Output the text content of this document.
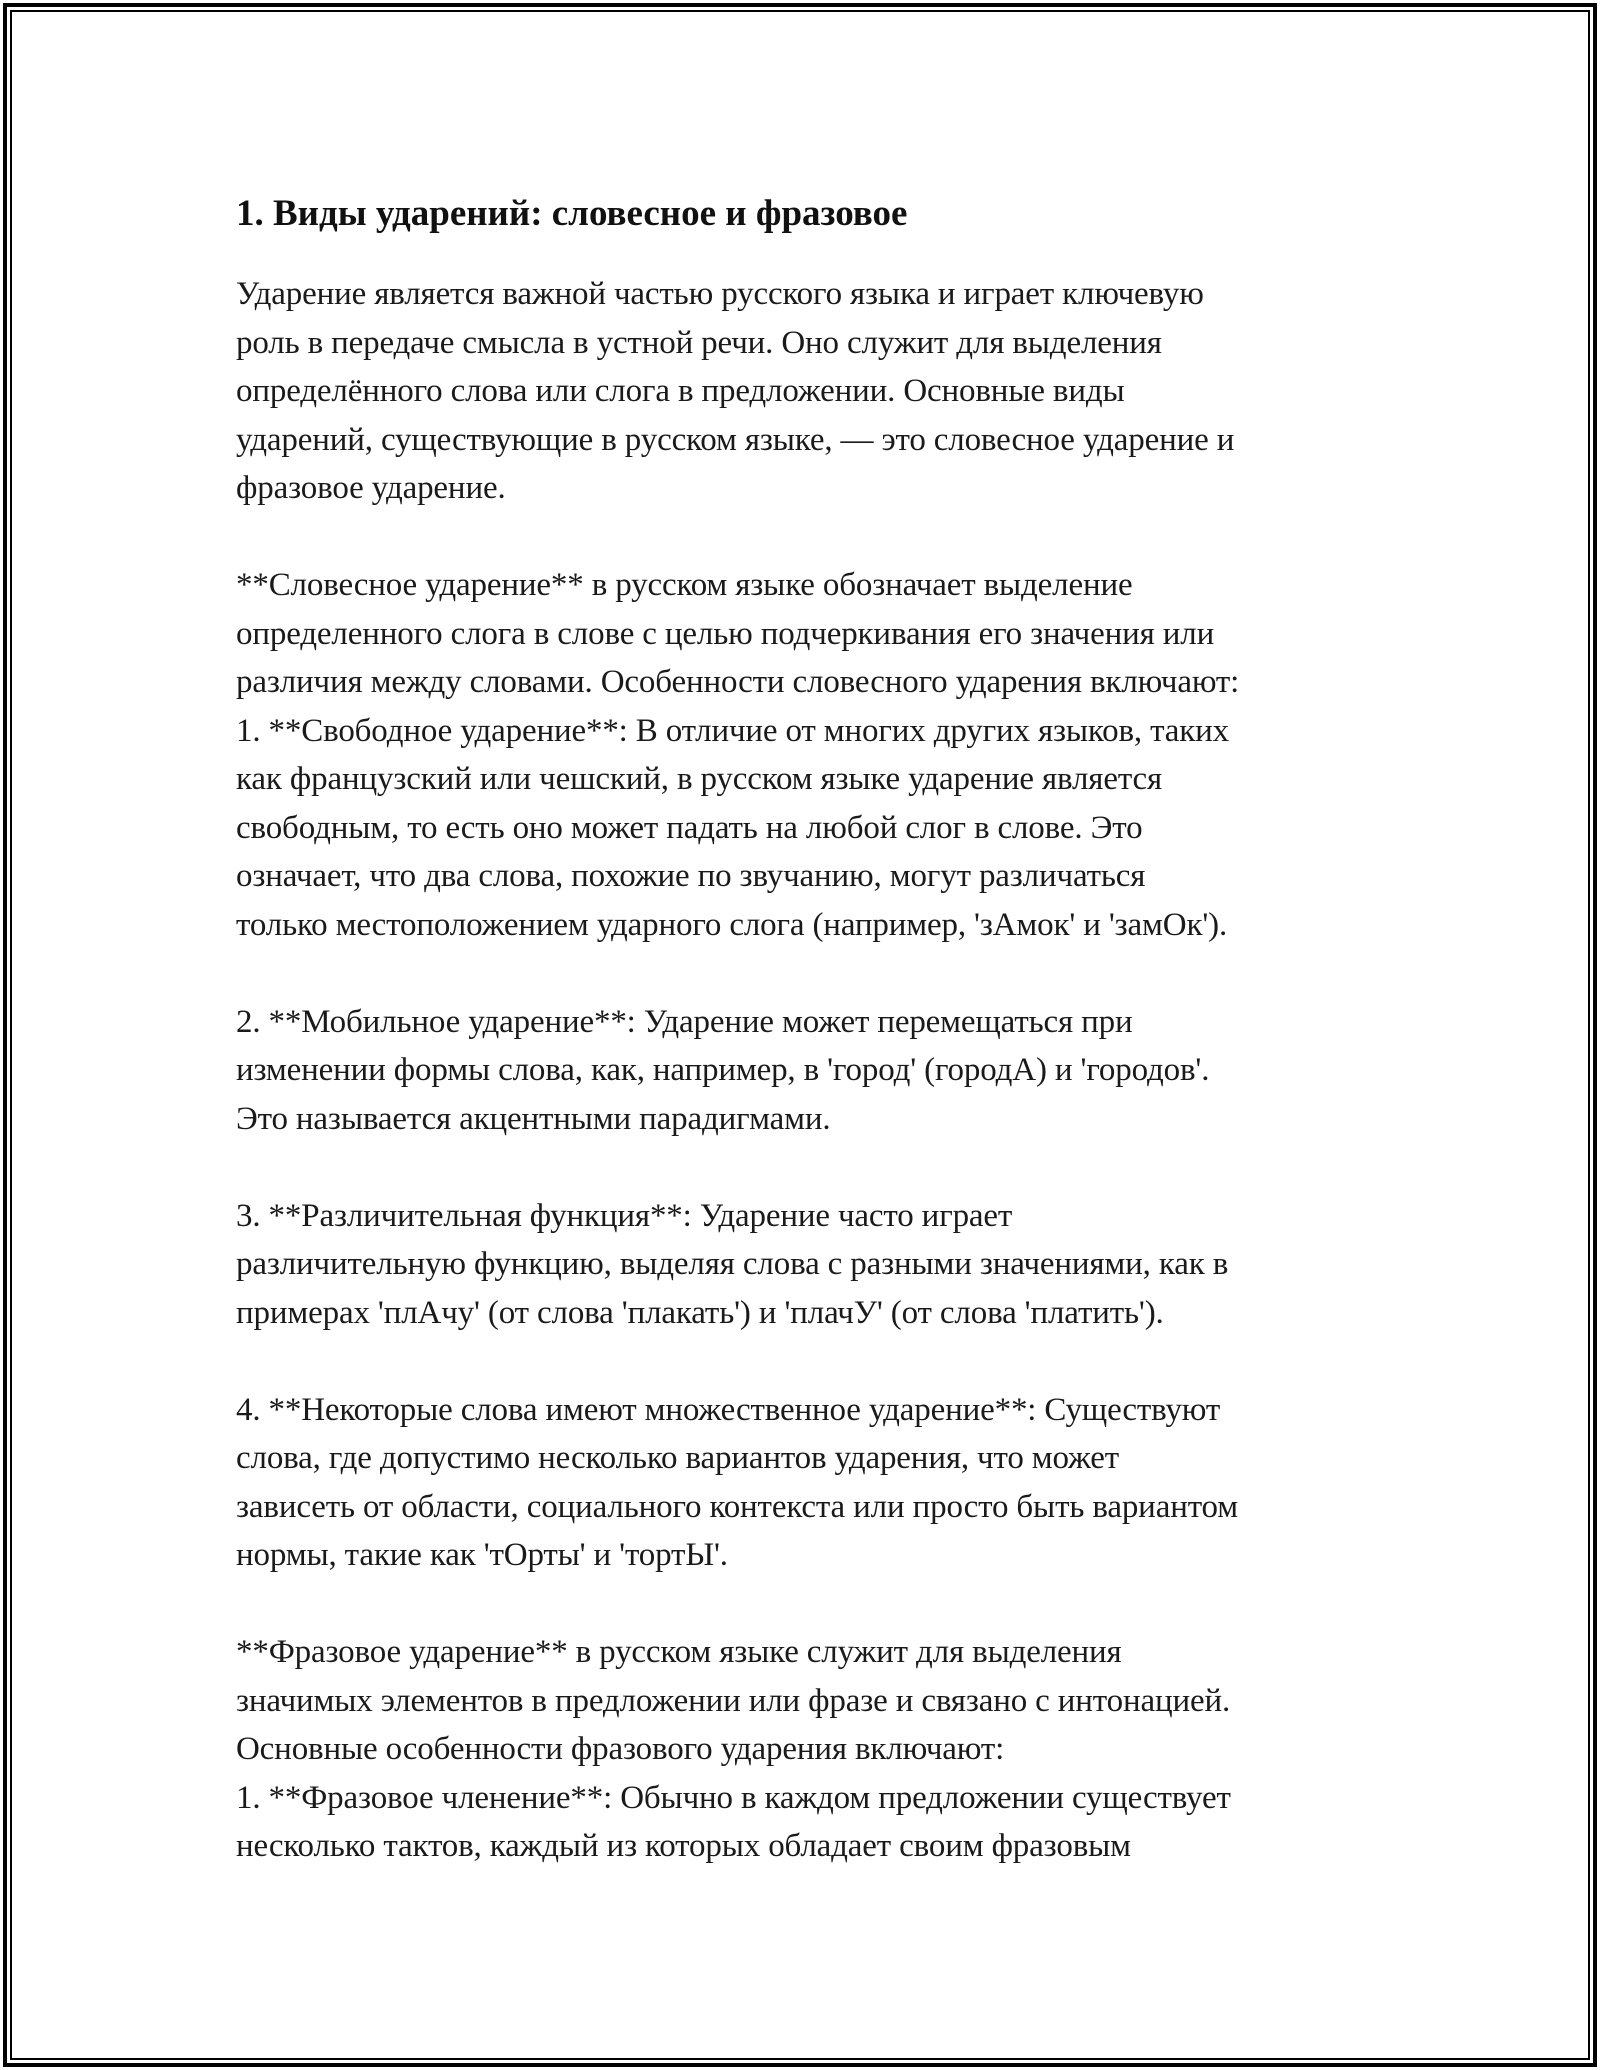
1. Виды ударений: словесное и фразовое
Ударение является важной частью русского языка и играет ключевую
роль в передаче смысла в устной речи. Оно служит для выделения
определённого слова или слога в предложении. Основные виды
ударений, существующие в русском языке, — это словесное ударение и
фразовое ударение.
**Словесное ударение** в русском языке обозначает выделение
определенного слога в слове с целью подчеркивания его значения или
различия между словами. Особенности словесного ударения включают:
1. **Свободное ударение**: В отличие от многих других языков, таких
как французский или чешский, в русском языке ударение является
свободным, то есть оно может падать на любой слог в слове. Это
означает, что два слова, похожие по звучанию, могут различаться
только местоположением ударного слога (например, 'зАмок' и 'замОк').
2. **Мобильное ударение**: Ударение может перемещаться при
изменении формы слова, как, например, в 'город' (городА) и 'городов'.
Это называется акцентными парадигмами.
3. **Различительная функция**: Ударение часто играет
различительную функцию, выделяя слова с разными значениями, как в
примерах 'плАчу' (от слова 'плакать') и 'плачУ' (от слова 'платить').
4. **Некоторые слова имеют множественное ударение**: Существуют
слова, где допустимо несколько вариантов ударения, что может
зависеть от области, социального контекста или просто быть вариантом
нормы, такие как 'тОрты' и 'тортЫ'.
**Фразовое ударение** в русском языке служит для выделения
значимых элементов в предложении или фразе и связано с интонацией.
Основные особенности фразового ударения включают:
1. **Фразовое членение**: Обычно в каждом предложении существует
несколько тактов, каждый из которых обладает своим фразовым
